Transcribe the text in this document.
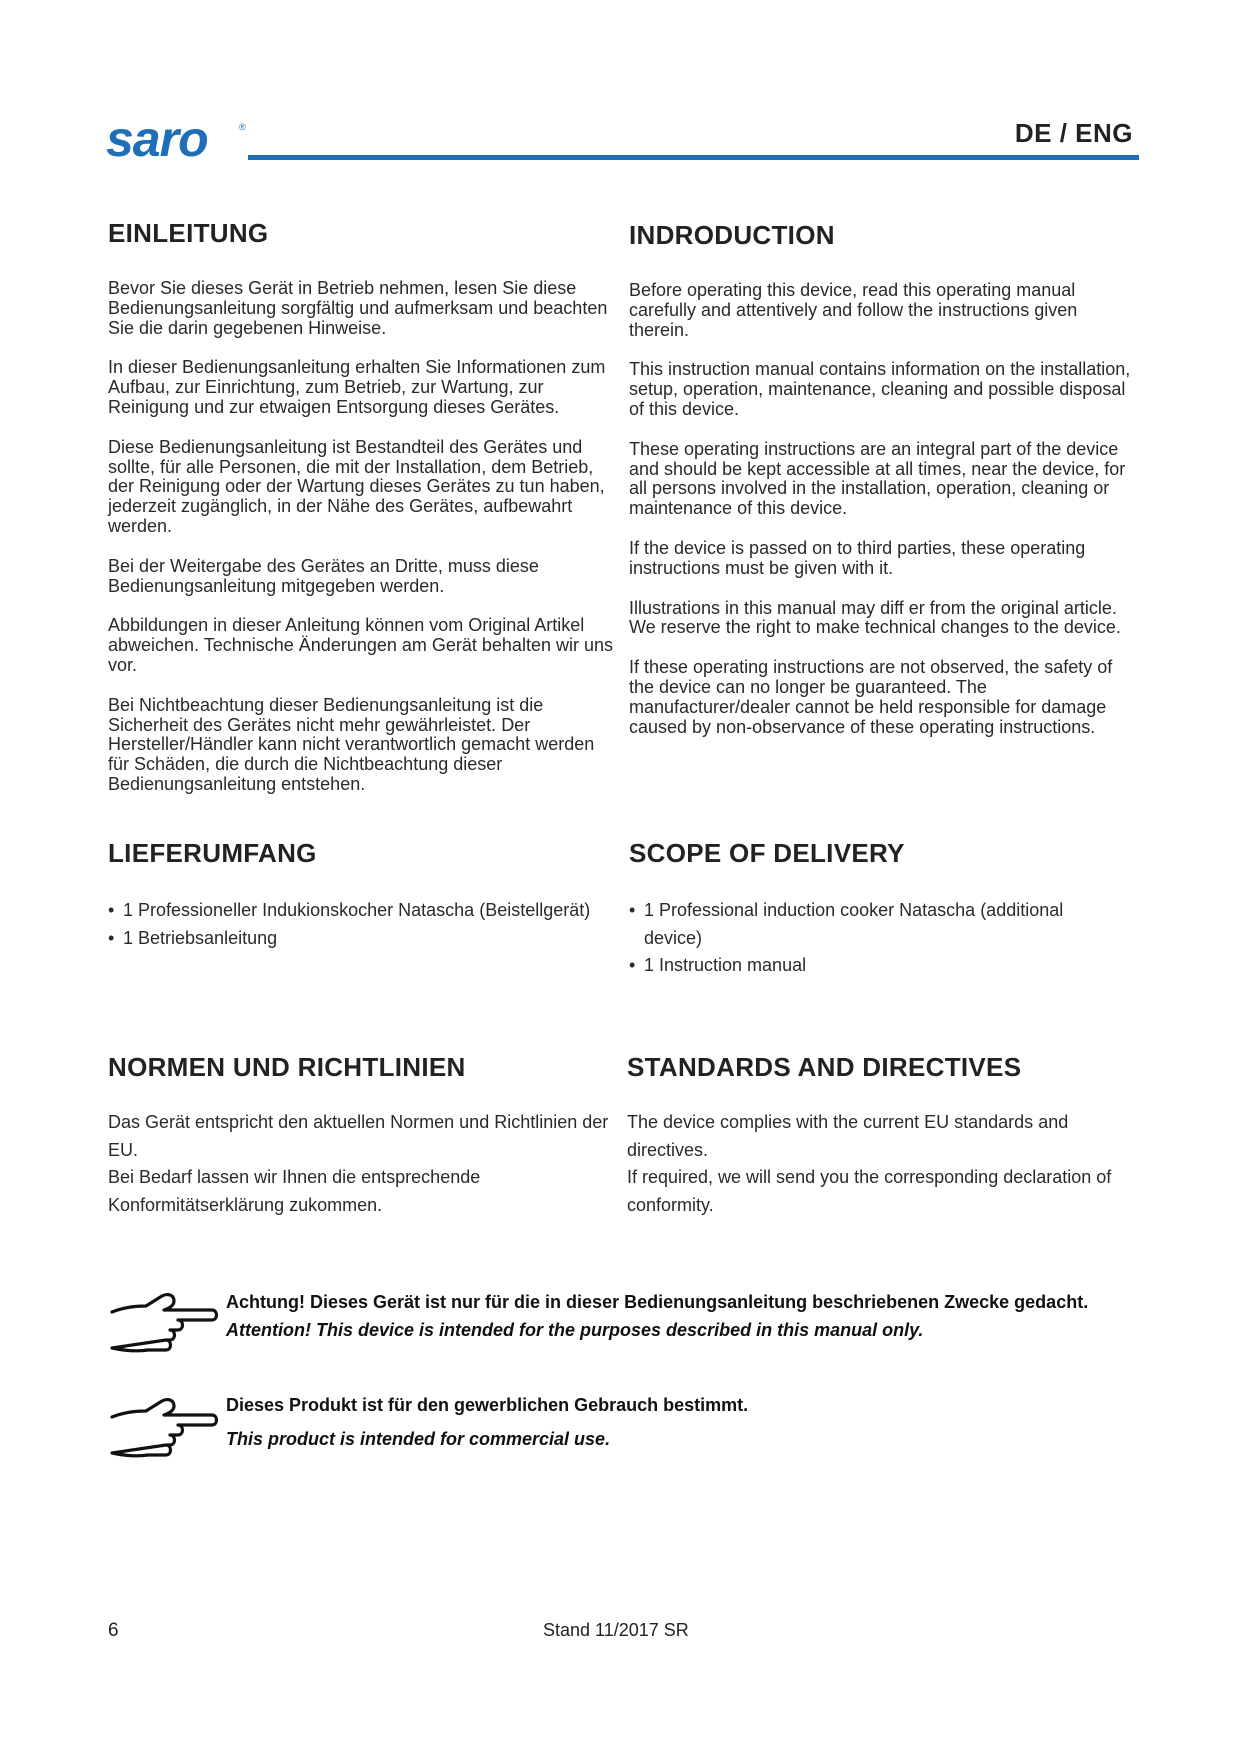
saro	®	DE / ENG
EINLEITUNG

Bevor Sie dieses Gerät in Betrieb nehmen, lesen Sie diese Bedienungsanleitung sorgfältig und aufmerksam und beachten Sie die darin gegebenen Hinweise.

In dieser Bedienungsanleitung erhalten Sie Informationen zum Aufbau, zur Einrichtung, zum Betrieb, zur Wartung, zur Reinigung und zur etwaigen Entsorgung dieses Gerätes.

Diese Bedienungsanleitung ist Bestandteil des Gerätes und sollte, für alle Personen, die mit der Installation, dem Betrieb, der Reinigung oder der Wartung dieses Gerätes zu tun haben, jederzeit zugänglich, in der Nähe des Gerätes, aufbewahrt werden.

Bei der Weitergabe des Gerätes an Dritte, muss diese Bedienungsanleitung mitgegeben werden.

Abbildungen in dieser Anleitung können vom Original Artikel abweichen. Technische Änderungen am Gerät behalten wir uns vor.

Bei Nichtbeachtung dieser Bedienungsanleitung ist die Sicherheit des Gerätes nicht mehr gewährleistet. Der Hersteller/Händler kann nicht verantwortlich gemacht werden für Schäden, die durch die Nichtbeachtung dieser Bedienungsanleitung entstehen.

INDRODUCTION

Before operating this device, read this operating manual carefully and attentively and follow the instructions given therein.

This instruction manual contains information on the installation, setup, operation, maintenance, cleaning and possible disposal of this device.

These operating instructions are an integral part of the device and should be kept accessible at all times, near the device, for all persons involved in the installation, operation, cleaning or maintenance of this device.

If the device is passed on to third parties, these operating instructions must be given with it.

Illustrations in this manual may diff er from the original article. We reserve the right to make technical changes to the device.

If these operating instructions are not observed, the safety of the device can no longer be guaranteed. The manufacturer/dealer cannot be held responsible for damage caused by non-observance of these operating instructions.

LIEFERUMFANG
• 1 Professioneller Indukionskocher Natascha (Beistellgerät)
• 1 Betriebsanleitung
SCOPE OF DELIVERY
• 1 Professional induction cooker Natascha (additional device)
• 1 Instruction manual
NORMEN UND RICHTLINIEN

Das Gerät entspricht den aktuellen Normen und Richtlinien der EU.
Bei Bedarf lassen wir Ihnen die entsprechende Konformitätserklärung zukommen.

STANDARDS AND DIRECTIVES

The device complies with the current EU standards and directives.
If required, we will send you the corresponding declaration of conformity.

Achtung! Dieses Gerät ist nur für die in dieser Bedienungsanleitung beschriebenen Zwecke gedacht.

Attention! This device is intended for the purposes described in this manual only.

Dieses Produkt ist für den gewerblichen Gebrauch bestimmt.

This product is intended for commercial use.

6	Stand 11/2017 SR
